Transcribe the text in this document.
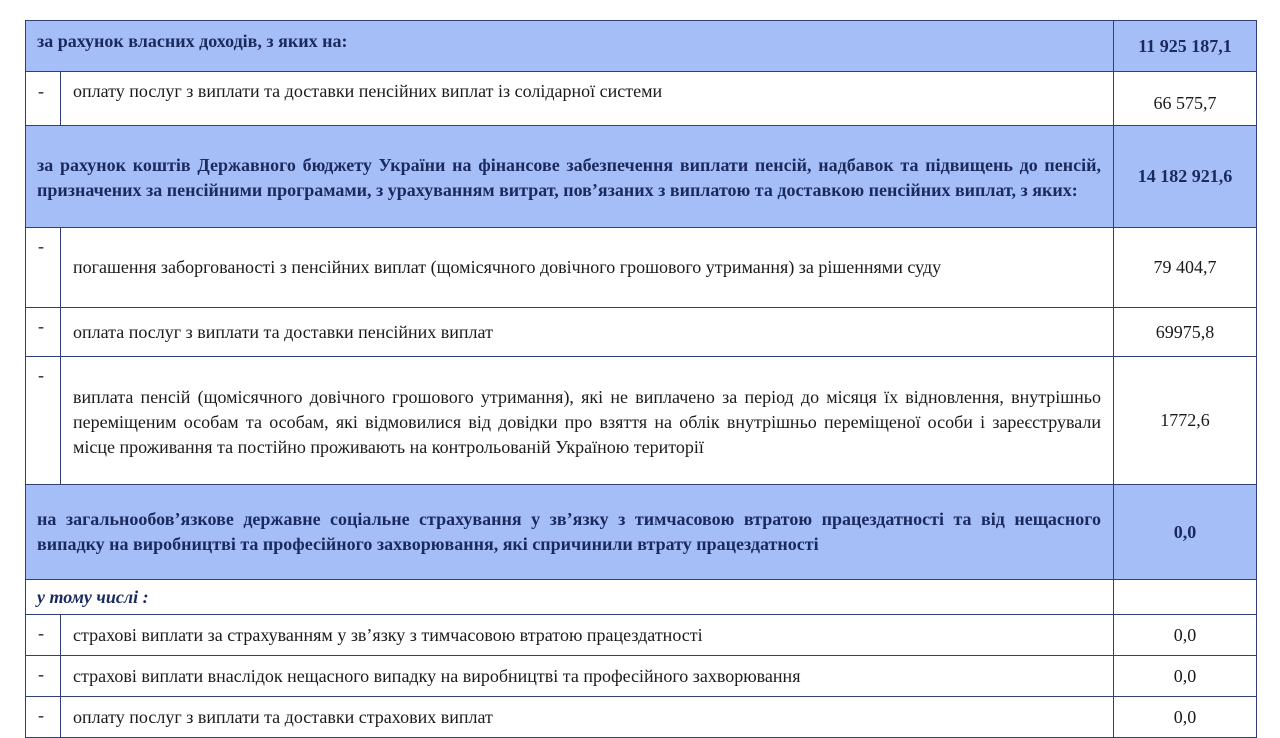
за рахунок власних доходів, з яких на:		11 925 187,1
-	оплату послуг з виплати та доставки пенсійних виплат із солідарної системи	66 575,7
за рахунок коштів Державного бюджету України на фінансове забезпечення виплати пенсій, надбавок та підвищень до пенсій, призначених за пенсійними програмами, з урахуванням витрат, пов’язаних з виплатою та доставкою пенсійних виплат, з яких:		14 182 921,6
-	погашення заборгованості з пенсійних виплат (щомісячного довічного грошового утримання) за рішеннями суду	79 404,7
-	оплата послуг з виплати та доставки пенсійних виплат	69975,8
-	виплата пенсій (щомісячного довічного грошового утримання), які не виплачено за період до місяця їх відновлення, внутрішньо переміщеним особам та особам, які відмовилися від довідки про взяття на облік внутрішньо переміщеної особи і зареєстрували місце проживання та постійно проживають на контрольованій Україною території	1772,6
на загальнообов’язкове державне соціальне страхування у зв’язку з тимчасовою втратою працездатності та від нещасного випадку на виробництві та професійного захворювання, які спричинили втрату працездатності		0,0
у тому числі :		
-	страхові виплати за страхуванням у зв’язку з тимчасовою втратою працездатності	0,0
-	страхові виплати внаслідок нещасного випадку на виробництві та професійного захворювання	0,0
-	оплату послуг з виплати та доставки страхових виплат	0,0
